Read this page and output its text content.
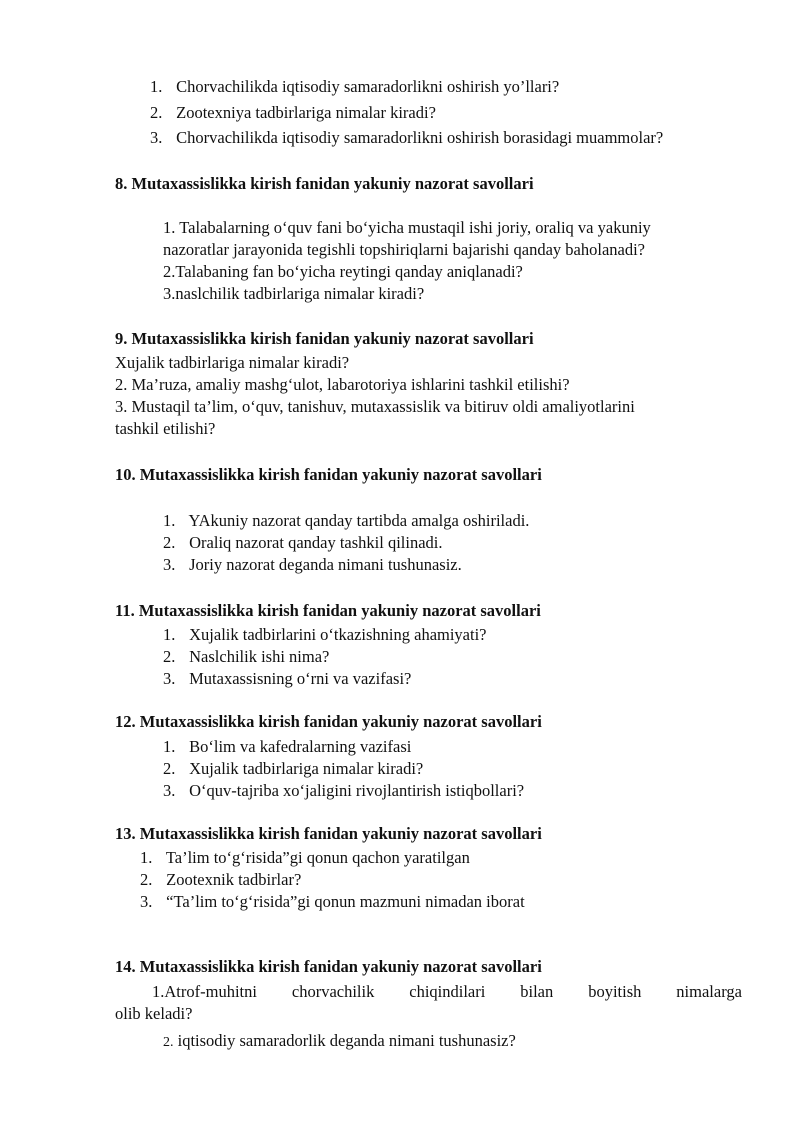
1. Chorvachilikda iqtisodiy samaradorlikni oshirish yo’llari?
2. Zootexniya tadbirlariga nimalar kiradi?
3. Chorvachilikda iqtisodiy samaradorlikni oshirish borasidagi muammolar?
8. Mutaxassislikka kirish fanidan yakuniy nazorat savollari
1. Talabalarning o‘quv fani bo‘yicha mustaqil ishi joriy, oraliq va yakuniy
nazoratlar jarayonida tegishli topshiriqlarni bajarishi qanday baholanadi?
2.Talabaning fan bo‘yicha reytingi qanday aniqlanadi?
3.naslchilik tadbirlariga nimalar kiradi?
9. Mutaxassislikka kirish fanidan yakuniy nazorat savollari
Xujalik tadbirlariga nimalar kiradi?
2. Ma’ruza, amaliy mashg‘ulot, labarotoriya ishlarini tashkil etilishi?
3. Mustaqil ta’lim, o‘quv, tanishuv, mutaxassislik va bitiruv oldi amaliyotlarini
tashkil etilishi?
10. Mutaxassislikka kirish fanidan yakuniy nazorat savollari
1. YAkuniy nazorat qanday tartibda amalga oshiriladi.
2. Oraliq nazorat qanday tashkil qilinadi.
3. Joriy nazorat deganda nimani tushunasiz.
11. Mutaxassislikka kirish fanidan yakuniy nazorat savollari
1. Xujalik tadbirlarini o‘tkazishning ahamiyati?
2. Naslchilik ishi nima?
3. Mutaxassisning o‘rni va vazifasi?
12. Mutaxassislikka kirish fanidan yakuniy nazorat savollari
1. Bo‘lim va kafedralarning vazifasi
2. Xujalik tadbirlariga nimalar kiradi?
3. O‘quv-tajriba xo‘jaligini rivojlantirish istiqbollari?
13. Mutaxassislikka kirish fanidan yakuniy nazorat savollari
1. Ta’lim to‘g‘risida”gi qonun qachon yaratilgan
2. Zootexnik tadbirlar?
3. “Ta’lim to‘g‘risida”gi qonun mazmuni nimadan iborat
14. Mutaxassislikka kirish fanidan yakuniy nazorat savollari
1.Atrof-muhitni chorvachilik chiqindilari bilan boyitish nimalarga
olib keladi?
2. iqtisodiy samaradorlik deganda nimani tushunasiz?
